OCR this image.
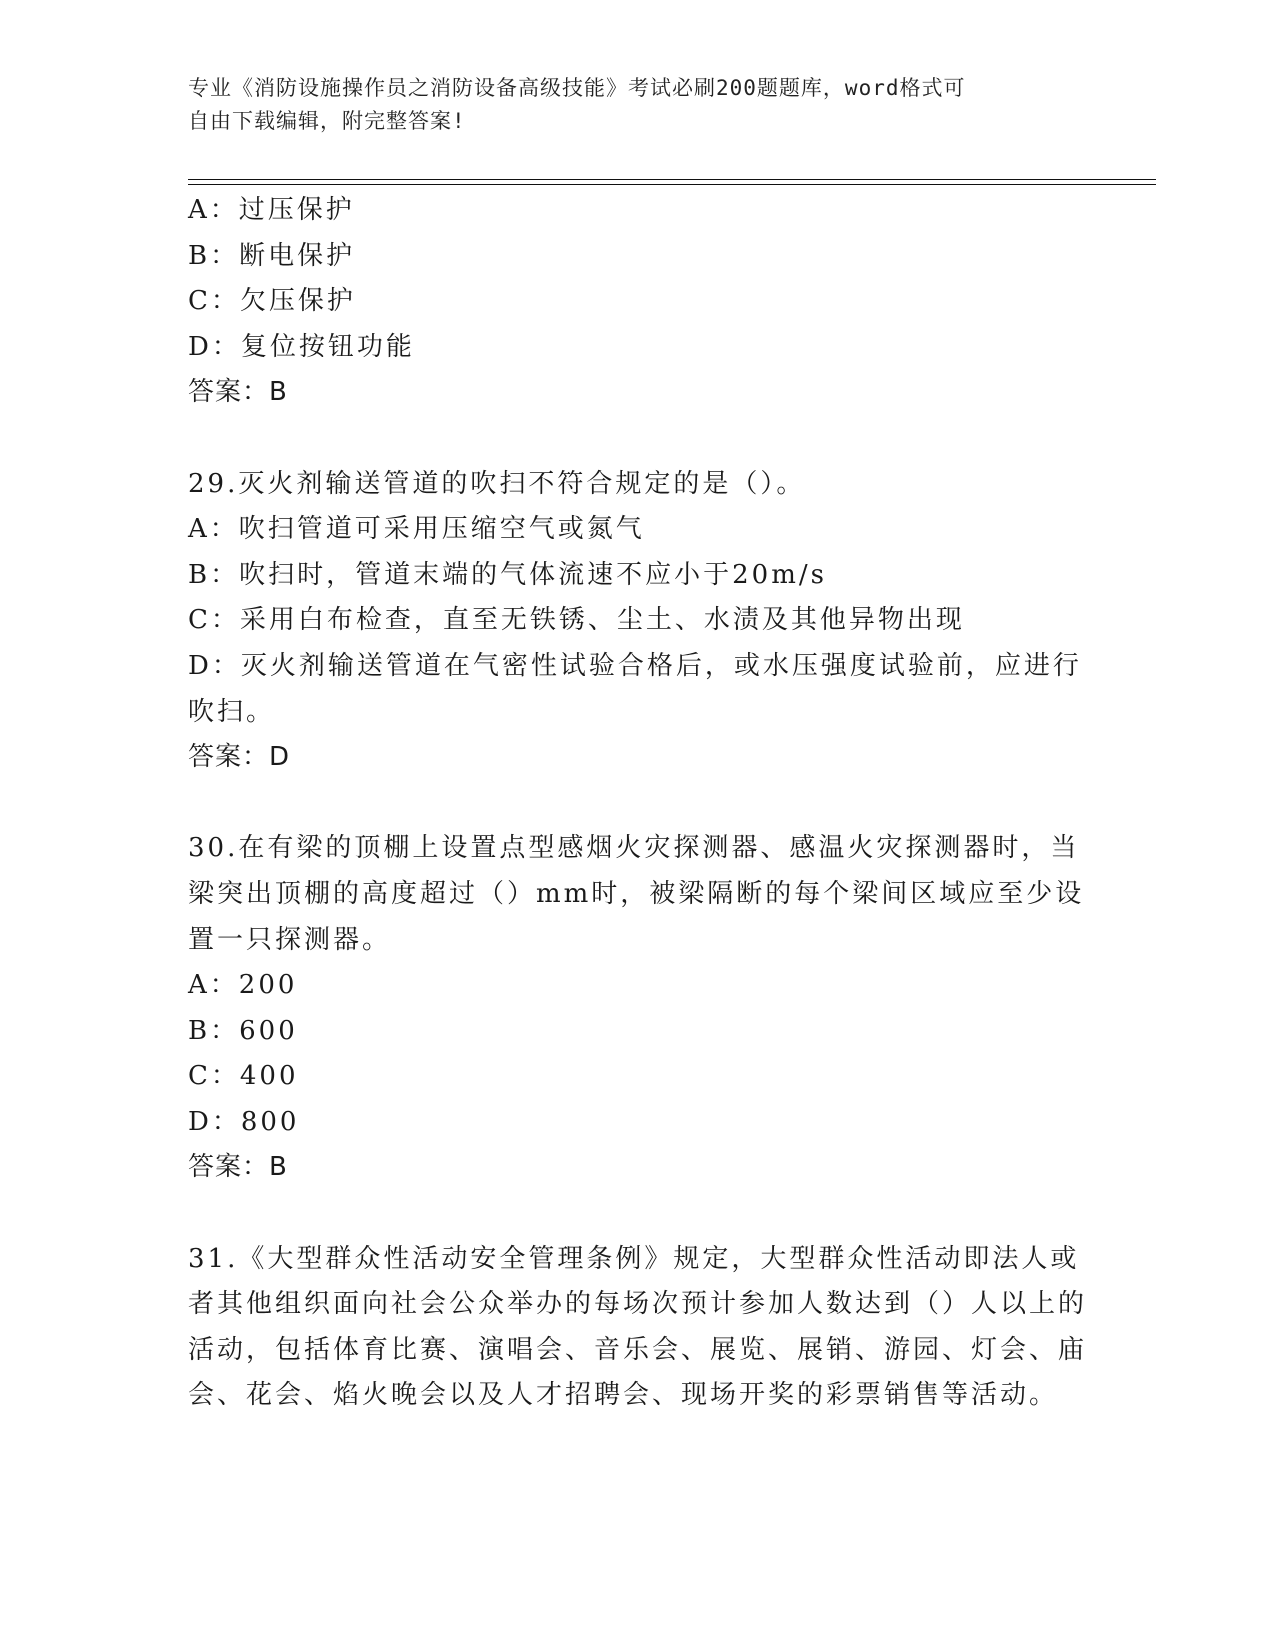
专业《消防设施操作员之消防设备高级技能》考试必刷200题题库，word格式可
自由下载编辑，附完整答案!
A：过压保护
B：断电保护
C：欠压保护
D：复位按钮功能
答案：B
29.灭火剂输送管道的吹扫不符合规定的是（）。
A：吹扫管道可采用压缩空气或氮气
B：吹扫时，管道末端的气体流速不应小于20m/s
C：采用白布检查，直至无铁锈、尘土、水渍及其他异物出现
D：灭火剂输送管道在气密性试验合格后，或水压强度试验前，应进行吹扫。
答案：D
30.在有梁的顶棚上设置点型感烟火灾探测器、感温火灾探测器时，当梁突出顶棚的高度超过（）mm时，被梁隔断的每个梁间区域应至少设置一只探测器。
A：200
B：600
C：400
D：800
答案：B
31.《大型群众性活动安全管理条例》规定，大型群众性活动即法人或者其他组织面向社会公众举办的每场次预计参加人数达到（）人以上的活动，包括体育比赛、演唱会、音乐会、展览、展销、游园、灯会、庙会、花会、焰火晚会以及人才招聘会、现场开奖的彩票销售等活动。
